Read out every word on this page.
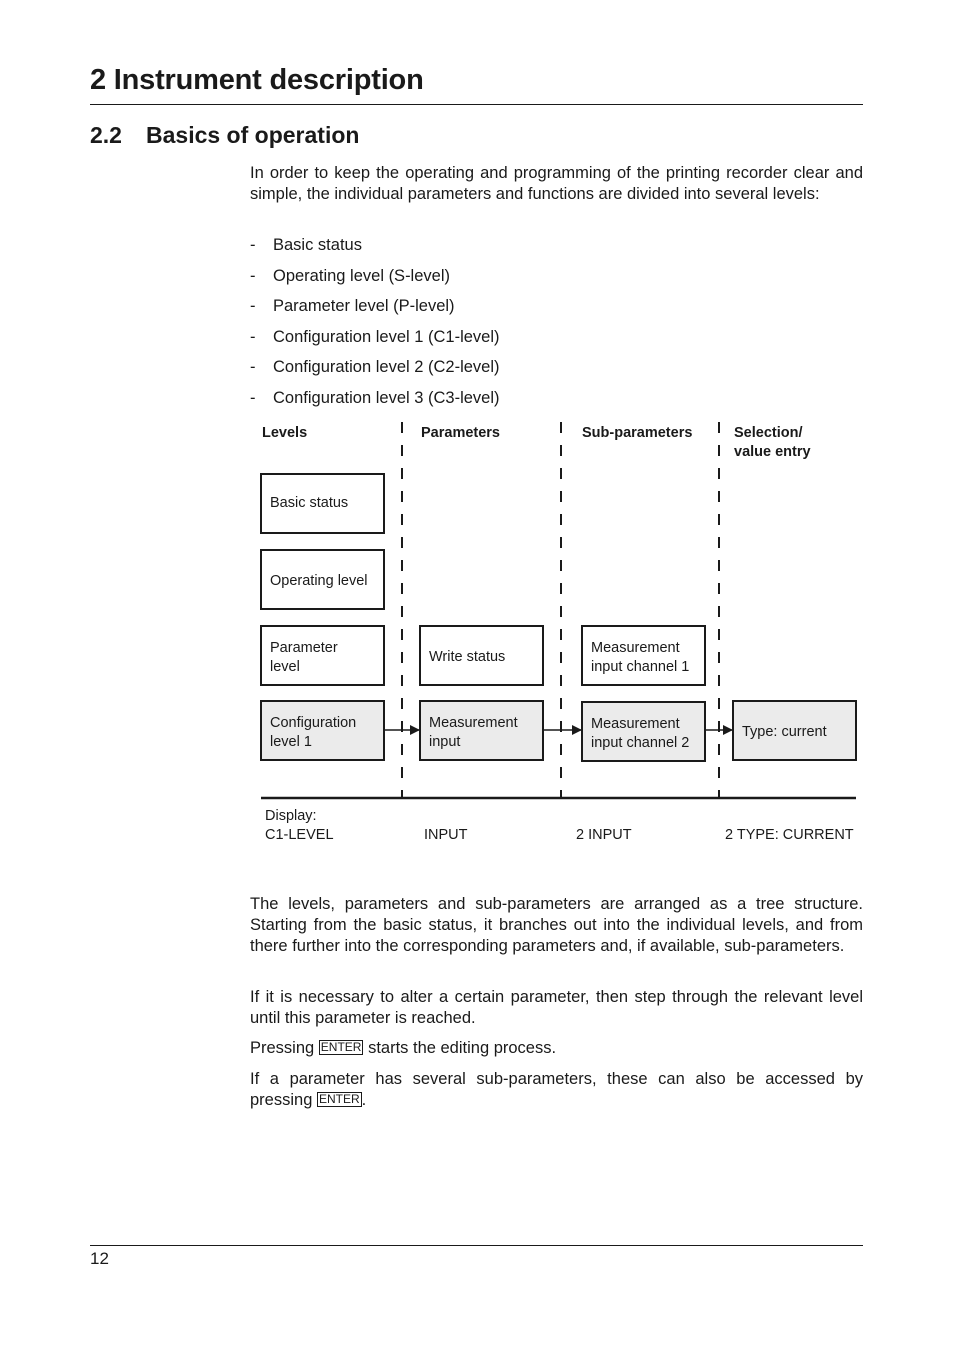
2 Instrument description
2.2 Basics of operation

In order to keep the operating and programming of the printing recorder clear and simple, the individual parameters and functions are divided into several levels:

- Basic status
- Operating level (S-level)
- Parameter level (P-level)
- Configuration level 1 (C1-level)
- Configuration level 2 (C2-level)
- Configuration level 3 (C3-level)
Levels	Parameters	Sub-parameters	Selection/
value entry
Basic status
Operating level
Parameter
level
Configuration
level 1
Write status
Measurement
input
Measurement
input channel 1
Measurement
input channel 2
Type: current
Display:
C1-LEVEL	INPUT	2 INPUT	2 TYPE: CURRENT

The levels, parameters and sub-parameters are arranged as a tree structure. Starting from the basic status, it branches out into the individual levels, and from there further into the corresponding parameters and, if available, sub-parameters.

If it is necessary to alter a certain parameter, then step through the relevant level until this parameter is reached.

Pressing ENTER starts the editing process.

If a parameter has several sub-parameters, these can also be accessed by pressing ENTER .

12
